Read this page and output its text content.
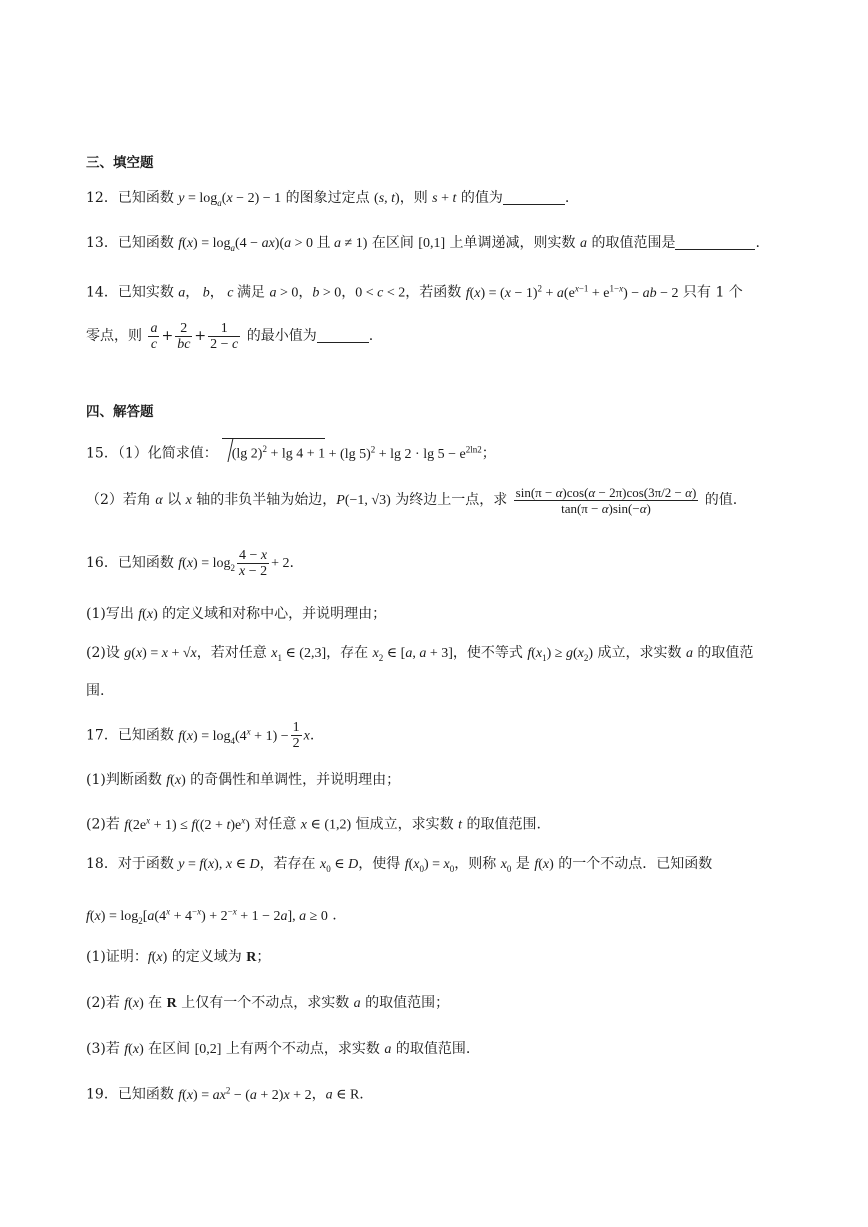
三、填空题
12．已知函数 $y = \log_a(x - 2) - 1$ 的图象过定点 (s, t)，则 s + t 的值为	.
13．已知函数 $f(x) = \log_a(4 - ax)(a > 0$ 且 a ≠ 1) 在区间 [0,1] 上单调递减，则实数 a 的取值范围是	.
14．已知实数 a， b， c 满足 a > 0，b > 0，0 < c < 2，若函数 $f(x) = (x - 1)^2 + a(e^{x-1} + e^{1-x})$ − ab − 2 只有 1 个
零点，则 $\frac{a}{c} + \frac{2}{bc} + \frac{1}{2 - c}$ 的最小值为	.
四、解答题
15．（1）化简求值： (lg 2)$^2$ + lg 4 + 1 + (lg $5)^2 + \lg 2 \cdot \lg 5 - e^{2ln2}$；
（2）若角 α 以 x 轴的非负半轴为始边，P(−1, √3) 为终边上一点，求 $\frac{\sin(\pi - \alpha)\cos(\alpha - 2\pi)\cos(3\pi/2 - \alpha)}{\tan(\pi - \alpha)\sin(-\alpha)}$ 的值.
16．已知函数 $f(x) = \log_2 \frac{4 - x}{x - 2} + 2$.
(1)写出 f(x) 的定义域和对称中心，并说明理由；
(2)设 g(x) = x + √x，若对任意 $x_1$ ∈ (2,3]，存在 $x_2$ ∈ [a, a + 3]，使不等式 $f(x_1) \ge g(x_2)$ 成立，求实数 a 的取值范
围.
17．已知函数 $f(x) = \log_4(4^x + 1) - \frac{1}{2} x$.
(1)判断函数 f(x) 的奇偶性和单调性，并说明理由；
(2)若 $f(2e^x + 1) \le f((2 + t)e^x)$ 对任意 x ∈ (1,2) 恒成立，求实数 t 的取值范围.
18．对于函数 y = f(x), x ∈ D，若存在 $x_0$ ∈ D，使得 $f(x_0) = x_0$，则称 $x_0$ 是 f(x) 的一个不动点．已知函数
$f(x) = \log_2[a(4^x + 4^{-x}) + 2^{-x} + 1 - 2a]$, a ≥ 0 .
(1)证明：f(x) 的定义域为 R；
(2)若 f(x) 在 R 上仅有一个不动点，求实数 a 的取值范围；
(3)若 f(x) 在区间 [0,2] 上有两个不动点，求实数 a 的取值范围.
19．已知函数 $f(x) = ax^2 - (a + 2)x + 2$，a ∈ R.
